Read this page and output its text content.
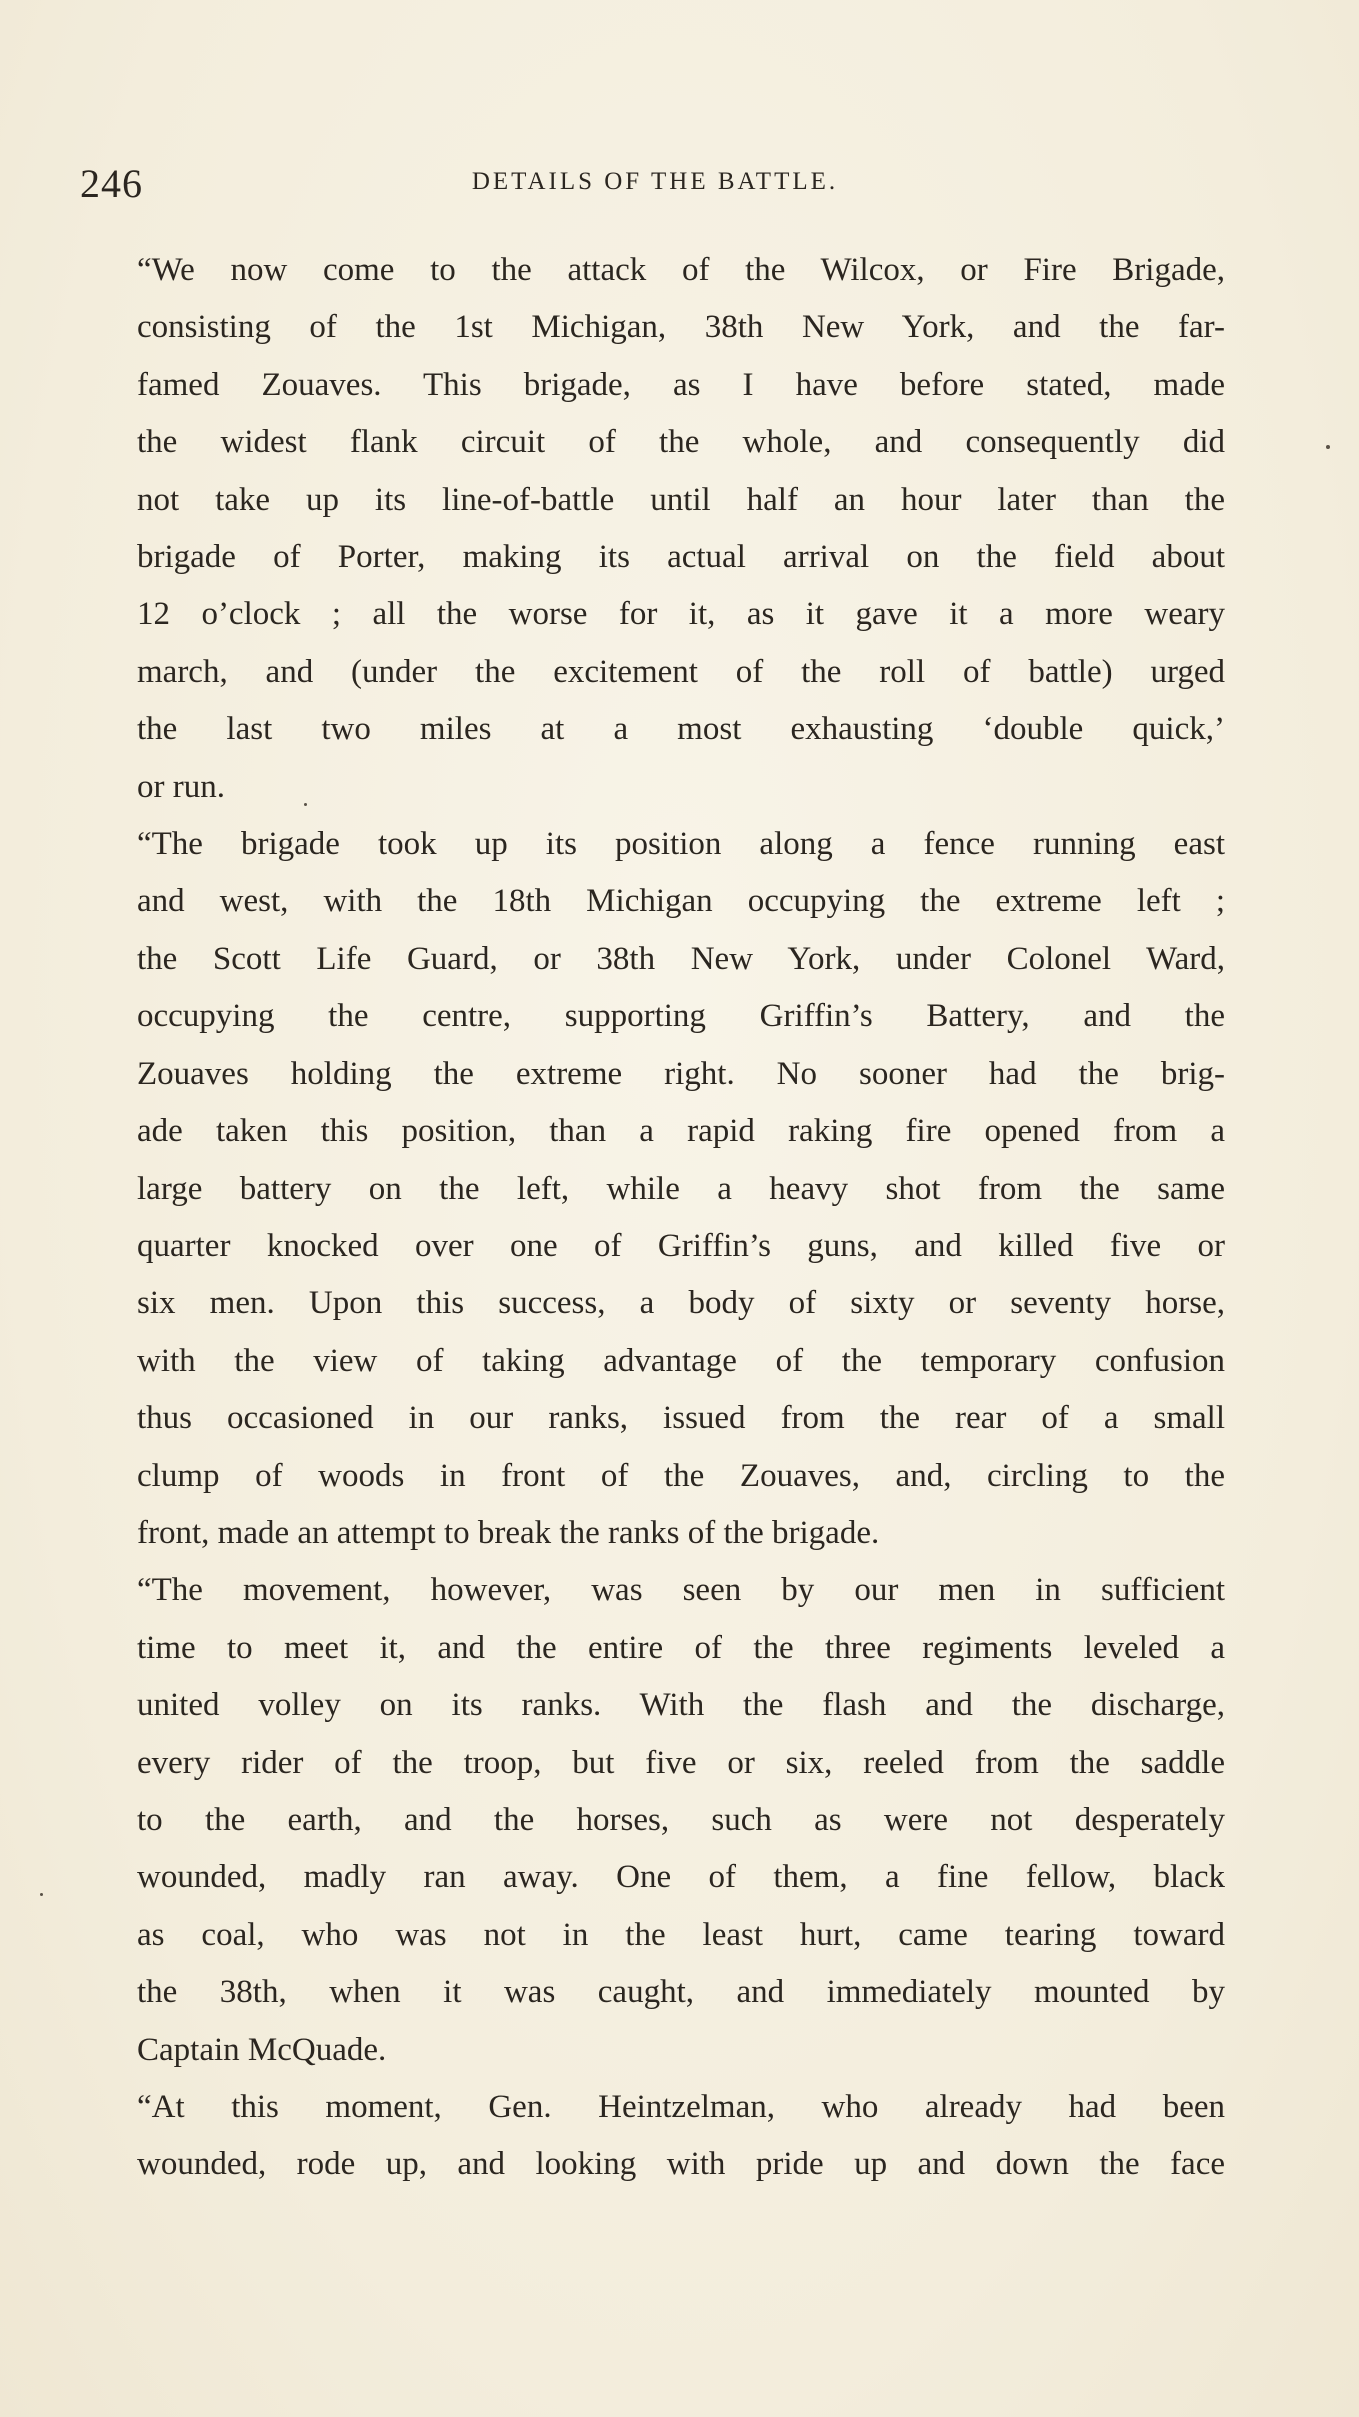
246	DETAILS OF THE BATTLE.
“We now come to the attack of the Wilcox, or Fire Brigade,
consisting of the 1st Michigan, 38th New York, and the far-
famed Zouaves. This brigade, as I have before stated, made
the widest flank circuit of the whole, and consequently did
not take up its line-of-battle until half an hour later than the
brigade of Porter, making its actual arrival on the field about
12 o’clock ; all the worse for it, as it gave it a more weary
march, and (under the excitement of the roll of battle) urged
the last two miles at a most exhausting ‘double quick,’
or run.
“The brigade took up its position along a fence running east
and west, with the 18th Michigan occupying the extreme left ;
the Scott Life Guard, or 38th New York, under Colonel Ward,
occupying the centre, supporting Griffin’s Battery, and the
Zouaves holding the extreme right. No sooner had the brig-
ade taken this position, than a rapid raking fire opened from a
large battery on the left, while a heavy shot from the same
quarter knocked over one of Griffin’s guns, and killed five or
six men. Upon this success, a body of sixty or seventy horse,
with the view of taking advantage of the temporary confusion
thus occasioned in our ranks, issued from the rear of a small
clump of woods in front of the Zouaves, and, circling to the
front, made an attempt to break the ranks of the brigade.
“The movement, however, was seen by our men in sufficient
time to meet it, and the entire of the three regiments leveled a
united volley on its ranks. With the flash and the discharge,
every rider of the troop, but five or six, reeled from the saddle
to the earth, and the horses, such as were not desperately
wounded, madly ran away. One of them, a fine fellow, black
as coal, who was not in the least hurt, came tearing toward
the 38th, when it was caught, and immediately mounted by
Captain McQuade.
“At this moment, Gen. Heintzelman, who already had been
wounded, rode up, and looking with pride up and down the face
